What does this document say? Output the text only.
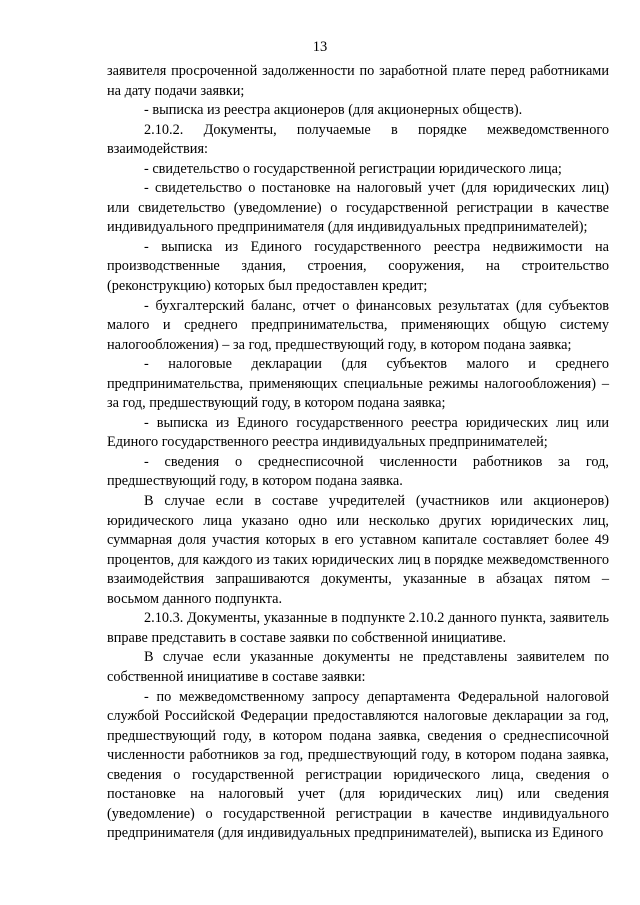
13

заявителя просроченной задолженности по заработной плате перед работниками на дату подачи заявки;

- выписка из реестра акционеров (для акционерных обществ).

2.10.2. Документы, получаемые в порядке межведомственного взаимодействия:

- свидетельство о государственной регистрации юридического лица;

- свидетельство о постановке на налоговый учет (для юридических лиц) или свидетельство (уведомление) о государственной регистрации в качестве индивидуального предпринимателя (для индивидуальных предпринимателей);

- выписка из Единого государственного реестра недвижимости на производственные здания, строения, сооружения, на строительство (реконструкцию) которых был предоставлен кредит;

- бухгалтерский баланс, отчет о финансовых результатах (для субъектов малого и среднего предпринимательства, применяющих общую систему налогообложения) – за год, предшествующий году, в котором подана заявка;

- налоговые декларации (для субъектов малого и среднего предпринимательства, применяющих специальные режимы налогообложения) – за год, предшествующий году, в котором подана заявка;

- выписка из Единого государственного реестра юридических лиц или Единого государственного реестра индивидуальных предпринимателей;

- сведения о среднесписочной численности работников за год, предшествующий году, в котором подана заявка.

В случае если в составе учредителей (участников или акционеров) юридического лица указано одно или несколько других юридических лиц, суммарная доля участия которых в его уставном капитале составляет более 49 процентов, для каждого из таких юридических лиц в порядке межведомственного взаимодействия запрашиваются документы, указанные в абзацах пятом – восьмом данного подпункта.

2.10.3. Документы, указанные в подпункте 2.10.2 данного пункта, заявитель вправе представить в составе заявки по собственной инициативе.

В случае если указанные документы не представлены заявителем по собственной инициативе в составе заявки:

- по межведомственному запросу департамента Федеральной налоговой службой Российской Федерации предоставляются налоговые декларации за год, предшествующий году, в котором подана заявка, сведения о среднесписочной численности работников за год, предшествующий году, в котором подана заявка, сведения о государственной регистрации юридического лица, сведения о постановке на налоговый учет (для юридических лиц) или сведения (уведомление) о государственной регистрации в качестве индивидуального предпринимателя (для индивидуальных предпринимателей), выписка из Единого
